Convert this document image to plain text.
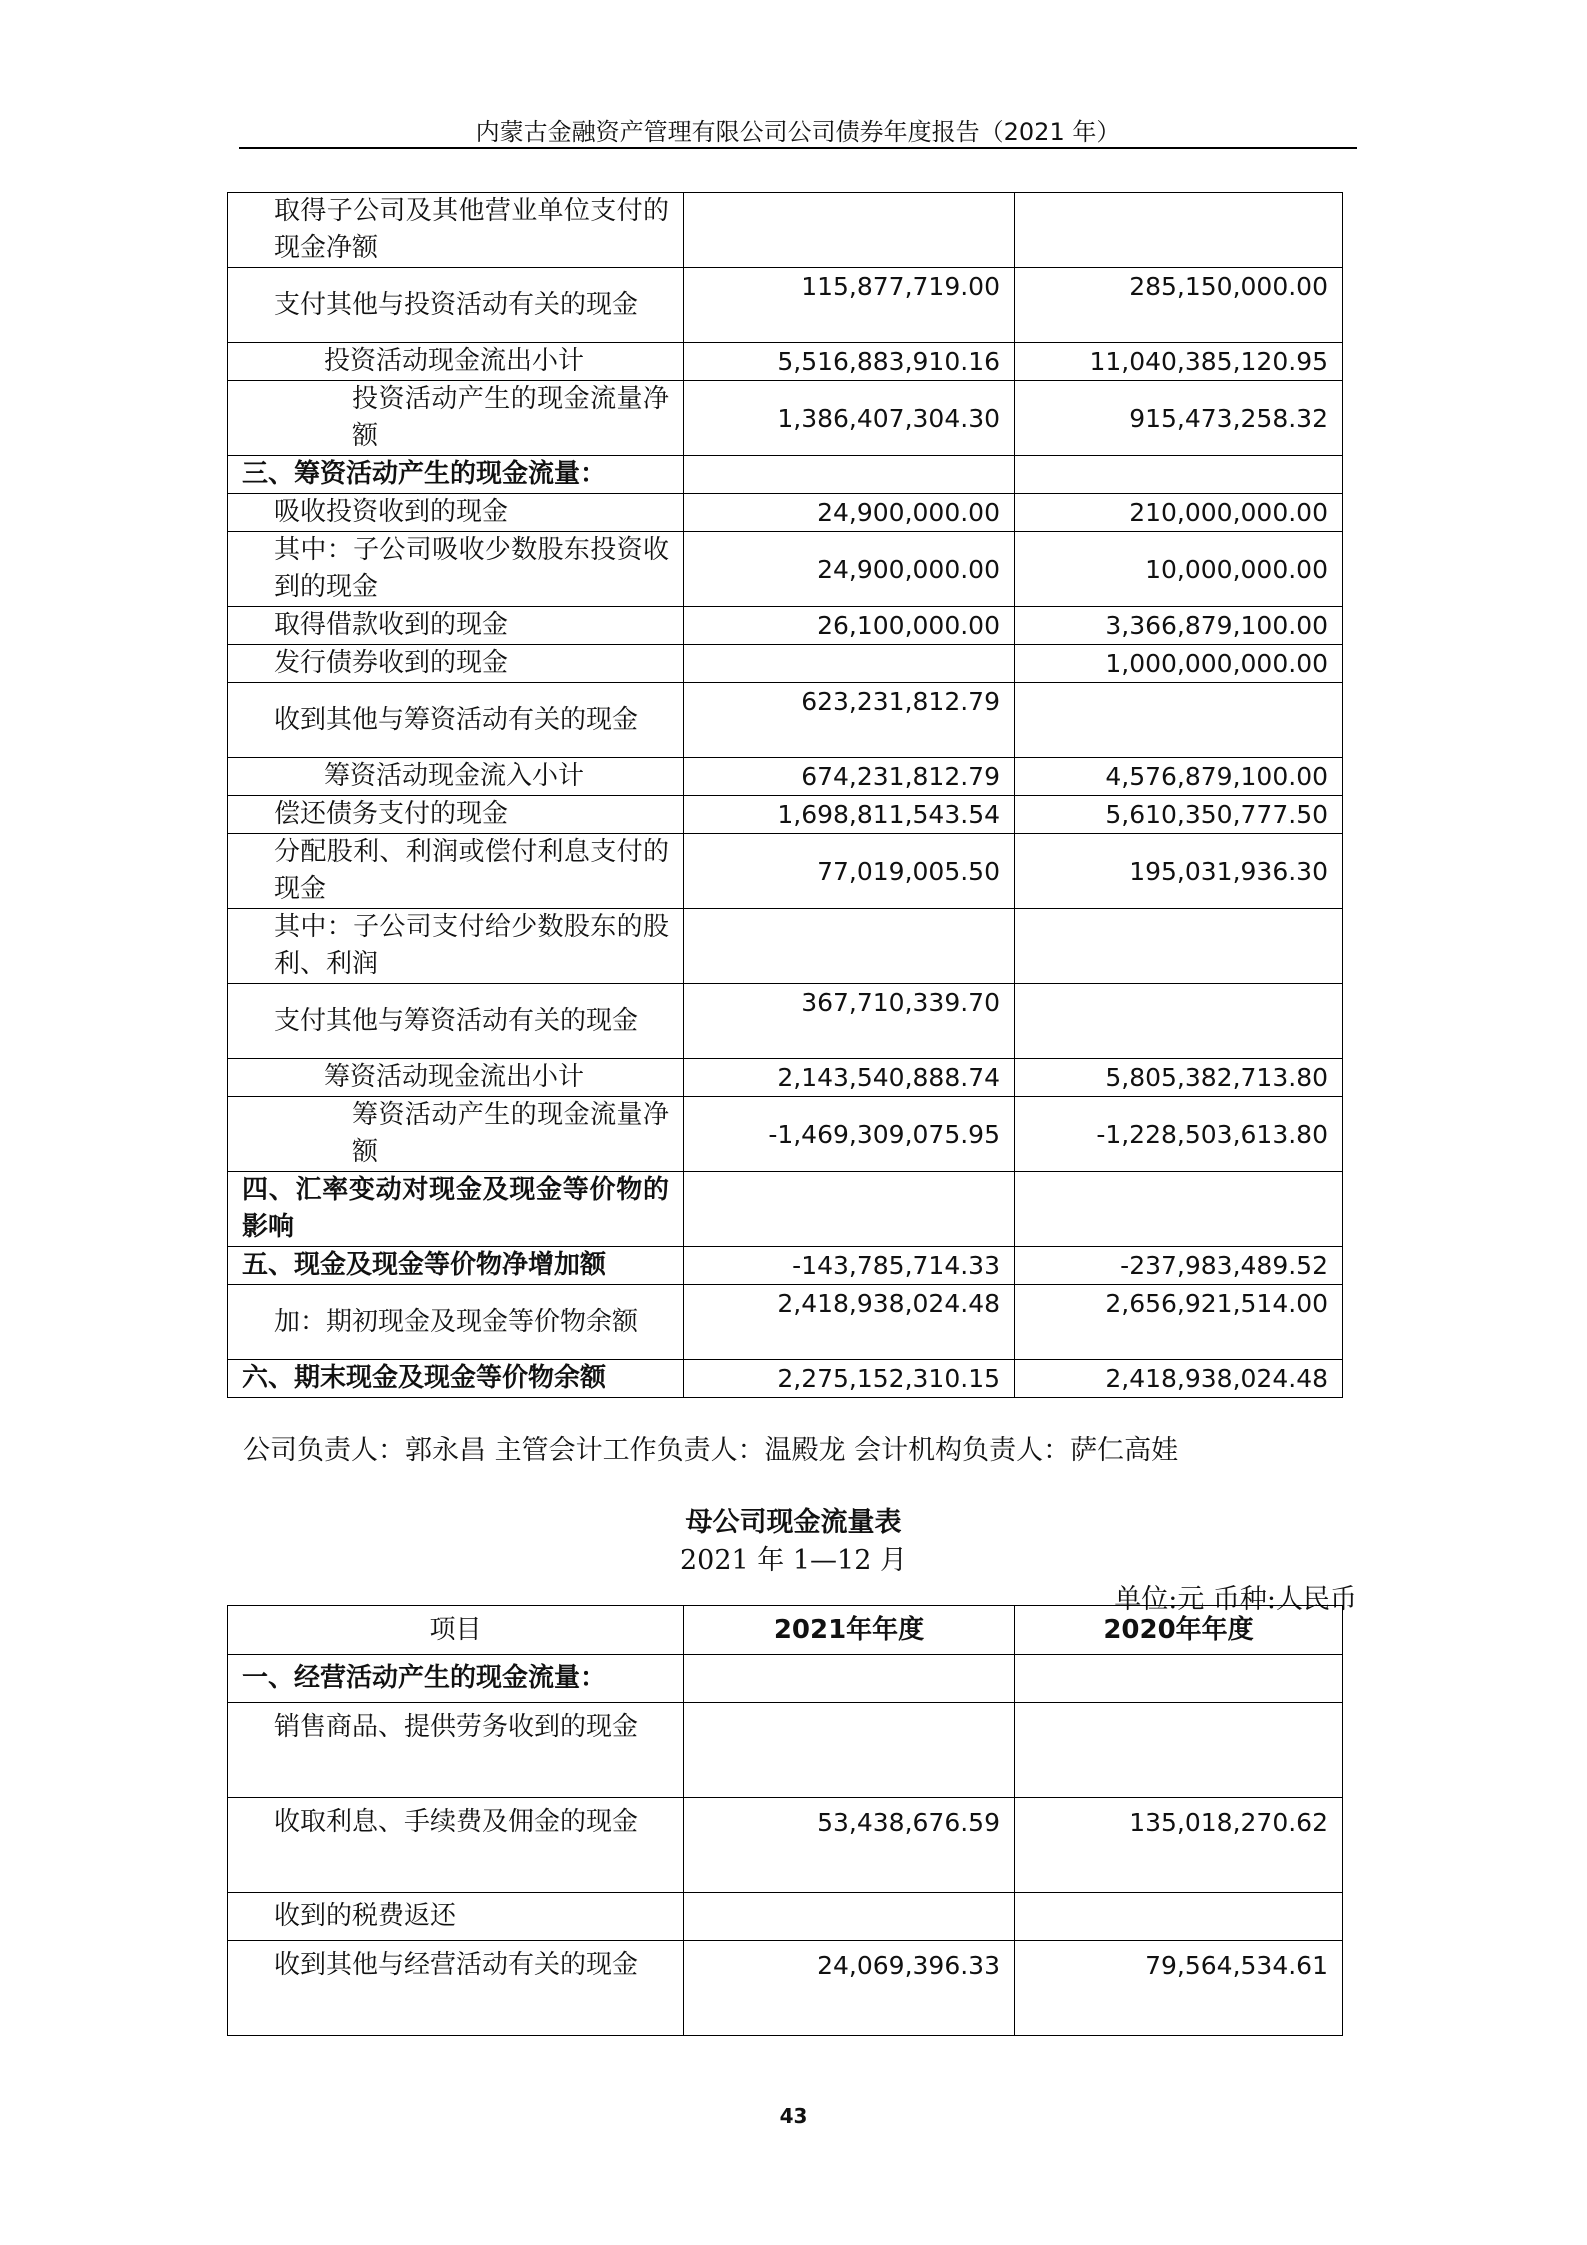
内蒙古金融资产管理有限公司公司债券年度报告（2021 年）
取得子公司及其他营业单位支付的现金净额		
支付其他与投资活动有关的现金	115,877,719.00	285,150,000.00
投资活动现金流出小计	5,516,883,910.16	11,040,385,120.95
投资活动产生的现金流量净额	1,386,407,304.30	915,473,258.32
三、筹资活动产生的现金流量：		
吸收投资收到的现金	24,900,000.00	210,000,000.00
其中：子公司吸收少数股东投资收到的现金	24,900,000.00	10,000,000.00
取得借款收到的现金	26,100,000.00	3,366,879,100.00
发行债券收到的现金		1,000,000,000.00
收到其他与筹资活动有关的现金	623,231,812.79	
筹资活动现金流入小计	674,231,812.79	4,576,879,100.00
偿还债务支付的现金	1,698,811,543.54	5,610,350,777.50
分配股利、利润或偿付利息支付的现金	77,019,005.50	195,031,936.30
其中：子公司支付给少数股东的股利、利润		
支付其他与筹资活动有关的现金	367,710,339.70	
筹资活动现金流出小计	2,143,540,888.74	5,805,382,713.80
筹资活动产生的现金流量净额	-1,469,309,075.95	-1,228,503,613.80
四、汇率变动对现金及现金等价物的影响		
五、现金及现金等价物净增加额	-143,785,714.33	-237,983,489.52
加：期初现金及现金等价物余额	2,418,938,024.48	2,656,921,514.00
六、期末现金及现金等价物余额	2,275,152,310.15	2,418,938,024.48
公司负责人：郭永昌 主管会计工作负责人：温殿龙 会计机构负责人：萨仁高娃
母公司现金流量表
2021 年 1—12 月
单位:元 币种:人民币
项目	2021年年度	2020年年度
一、经营活动产生的现金流量：		
销售商品、提供劳务收到的现金		
收取利息、手续费及佣金的现金	53,438,676.59	135,018,270.62
收到的税费返还		
收到其他与经营活动有关的现金	24,069,396.33	79,564,534.61
43
